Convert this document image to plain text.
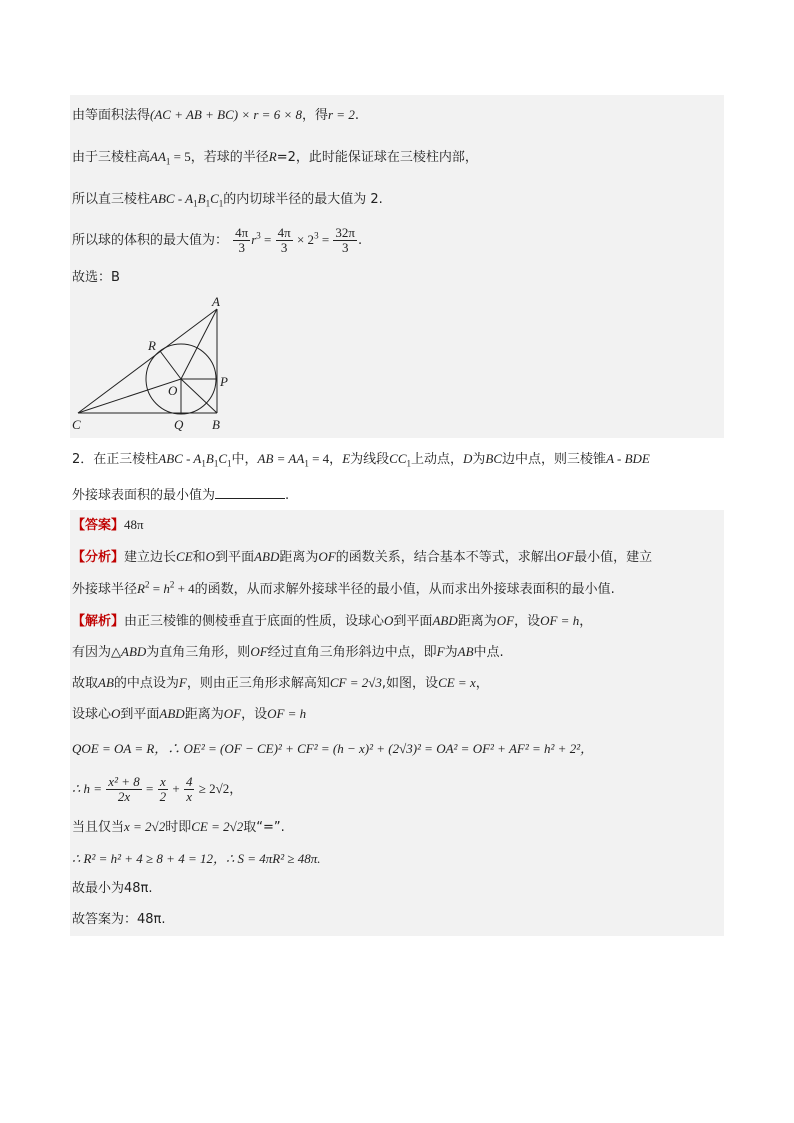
由等面积法得(AC + AB + BC) × r = 6 × 8，得r = 2.
由于三棱柱高$AA_1 = 5$，若球的半径R=2，此时能保证球在三棱柱内部，
所以直三棱柱ABC - $A_1B_1C_1$的内切球半径的最大值为 2.
所以球的体积的最大值为： $\frac{4\pi}{3} r^3 = \frac{4\pi}{3} \times 2^3 = \frac{32\pi}{3}$ .
故选：B
A
R
O
P
C	Q B
2．在正三棱柱ABC - $A_1B_1C_1$中，AB = $AA_1 = 4$，E为线段$CC_1$上动点，D为BC边中点，则三棱锥A - BDE
外接球表面积的最小值为	.
【答案】48π
【分析】建立边长CE和O到平面ABD距离为OF的函数关系，结合基本不等式，求解出OF最小值，建立
外接球半径$R^2 = h^2 + 4$的函数，从而求解外接球半径的最小值，从而求出外接球表面积的最小值.
【解析】由正三棱锥的侧棱垂直于底面的性质，设球心O到平面ABD距离为OF，设OF = h，
有因为△ABD为直角三角形，则OF经过直角三角形斜边中点，即F为AB中点.
故取AB的中点设为F，则由正三角形求解高知CF = 2√3,如图，设CE = x，
设球心O到平面ABD距离为OF，设OF = h
QOE = OA = R，∴ OE² = (OF − CE)² + CF² = (h − x)² + (2√3)² = OA² = OF² + AF² = h² + 2²，
∴ $h = \frac{\text{x² + 8}}{2x} = \frac{x}{2} + \frac{4}{x} \ge 2√2$，
当且仅当x = 2√2时即CE = 2√2取“=”.
∴ R² = h² + 4 ≥ 8 + 4 = 12，∴ S = 4πR² ≥ 48π.
故最小为48π.
故答案为：48π.
